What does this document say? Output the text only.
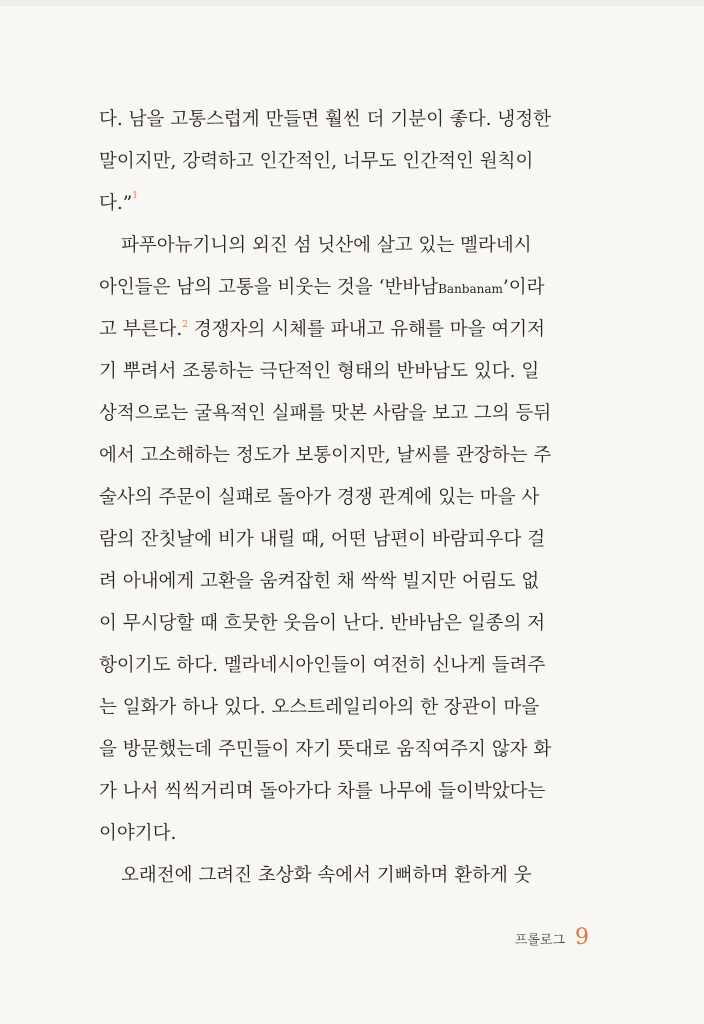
다. 남을 고통스럽게 만들면 훨씬 더 기분이 좋다. 냉정한
말이지만, 강력하고 인간적인, 너무도 인간적인 원칙이
다.” 1
파푸아뉴기니의 외진 섬 닛산에 살고 있는 멜라네시
아인들은 남의 고통을 비웃는 것을 ‘반바남Banbanam’이라
고 부른다.$^2$ 경쟁자의 시체를 파내고 유해를 마을 여기저
기 뿌려서 조롱하는 극단적인 형태의 반바남도 있다. 일
상적으로는 굴욕적인 실패를 맛본 사람을 보고 그의 등뒤
에서 고소해하는 정도가 보통이지만, 날씨를 관장하는 주
술사의 주문이 실패로 돌아가 경쟁 관계에 있는 마을 사
람의 잔칫날에 비가 내릴 때, 어떤 남편이 바람피우다 걸
려 아내에게 고환을 움켜잡힌 채 싹싹 빌지만 어림도 없
이 무시당할 때 흐뭇한 웃음이 난다. 반바남은 일종의 저
항이기도 하다. 멜라네시아인들이 여전히 신나게 들려주
는 일화가 하나 있다. 오스트레일리아의 한 장관이 마을
을 방문했는데 주민들이 자기 뜻대로 움직여주지 않자 화
가 나서 씩씩거리며 돌아가다 차를 나무에 들이박았다는
이야기다.
오래전에 그려진 초상화 속에서 기뻐하며 환하게 웃
프롤로그 9
